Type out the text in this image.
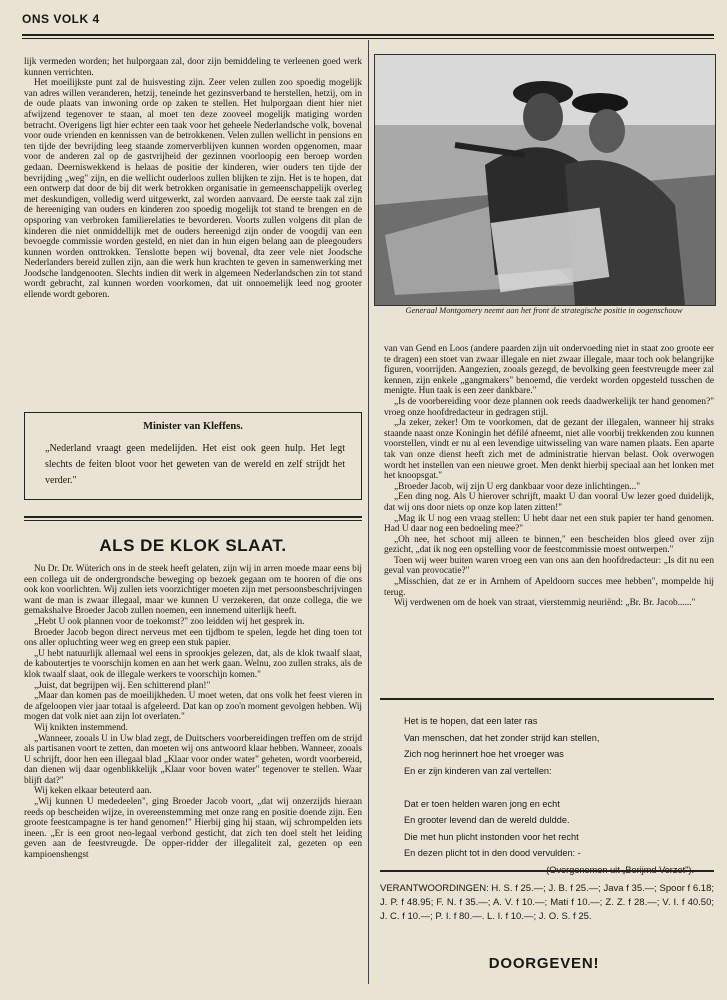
ONS VOLK 4

lijk vermeden worden; het hulporgaan zal, door zijn bemiddeling te verleenen goed werk kunnen verrichten.

Het moeilijkste punt zal de huisvesting zijn. Zeer velen zullen zoo spoedig mogelijk van adres willen veranderen, hetzij, teneinde het gezinsverband te herstellen, hetzij, om in de oude plaats van inwoning orde op zaken te stellen. Het hulporgaan dient hier niet afwijzend tegenover te staan, al moet ten deze zooveel mogelijk matiging worden betracht. Overigens ligt hier echter een taak voor het geheele Nederlandsche volk, bovenal voor oude vrienden en kennissen van de betrokkenen. Velen zullen wellicht in pensions en ten tijde der bevrijding leeg staande zomerverblijven kunnen worden opgenomen, maar voor de anderen zal op de gastvrijheid der gezinnen voorloopig een beroep worden gedaan. Deerniswekkend is helaas de positie der kinderen, wier ouders ten tijde der bevrijding „weg" zijn, en die wellicht ouderloos zullen blijken te zijn. Het is te hopen, dat een ontwerp dat door de bij dit werk betrokken organisatie in gemeenschappelijk overleg met deskundigen, volledig werd uitgewerkt, zal worden aanvaard. De eerste taak zal zijn de hereeniging van ouders en kinderen zoo spoedig mogelijk tot stand te brengen en de opsporing van verbroken familierelaties te bevorderen. Voorts zullen volgens dit plan de kinderen die niet onmiddellijk met de ouders hereenigd zijn onder de voogdij van een bevoegde commissie worden gesteld, en niet dan in hun eigen belang aan de pleegouders kunnen worden onttrokken. Tenslotte bepen wij bovenal, dta zeer vele niet Joodsche Nederlanders bereid zullen zijn, aan die werk hun krachten te geven in samenwerking met Joodsche landgenooten. Slechts indien dit werk in algemeen Nederlandschen zin tot stand wordt gebracht, zal kunnen worden voorkomen, dat uit onnoemelijk leed nog grooter ellende wordt geboren.

Generaal Montgomery neemt aan het front de strategische positie in oogenschouw
Minister van Kleffens.
„Nederland vraagt geen medelijden. Het eist ook geen hulp. Het legt slechts de feiten bloot voor het geweten van de wereld en zelf strijdt het verder."
ALS DE KLOK SLAAT.

Nu Dr. Dr. Wüterich ons in de steek heeft gelaten, zijn wij in arren moede maar eens bij een collega uit de ondergrondsche beweging op bezoek gegaan om te hooren of die ons ook kon voorlichten. Wij zullen iets voorzichtiger moeten zijn met persoonsbeschrijvingen want de man is zwaar illegaal, maar we kunnen U verzekeren, dat onze collega, die we gemakshalve Broeder Jacob zullen noemen, een innemend uiterlijk heeft.

„Hebt U ook plannen voor de toekomst?" zoo leidden wij het gesprek in.

Broeder Jacob begon direct nerveus met een tijdbom te spelen, legde het ding toen tot ons aller opluchting weer weg en greep een stuk papier.

„U hebt natuurlijk allemaal wel eens in sprookjes gelezen, dat, als de klok twaalf slaat, de kaboutertjes te voorschijn komen en aan het werk gaan. Welnu, zoo zullen straks, als de klok twaalf slaat, ook de illegale werkers te voorschijn komen."

„Juist, dat begrijpen wij. Een schitterend plan!"

„Maar dan komen pas de moeilijkheden. U moet weten, dat ons volk het feest vieren in de afgeloopen vier jaar totaal is afgeleerd. Dat kan op zoo'n moment gevolgen hebben. Wij mogen dat volk niet aan zijn lot overlaten."

Wij knikten instemmend.

„Wanneer, zooals U in Uw blad zegt, de Duitschers voorbereidingen treffen om de strijd als partisanen voort te zetten, dan moeten wij ons antwoord klaar hebben. Wanneer, zooals U schrijft, door hen een illegaal blad „Klaar voor onder water" geheten, wordt voorbereid, dan dienen wij daar ogenblikkelijk „Klaar voor boven water" tegenover te stellen. Waar blijft dat?"

Wij keken elkaar beteuterd aan.

„Wij kunnen U mededeelen", ging Broeder Jacob voort, „dat wij onzerzijds hieraan reeds op bescheiden wijze, in overeenstemming met onze rang en positie doende zijn. Een groote feestcampagne is ter hand genomen!" Hierbij ging hij staan, wij schrompelden iets ineen. „Er is een groot neo-legaal verbond gesticht, dat zich ten doel stelt het leiding geven aan de feestvreugde. De opper-ridder der illegaliteit zal, gezeten op een kampioenshengst

van van Gend en Loos (andere paarden zijn uit ondervoeding niet in staat zoo groote eer te dragen) een stoet van zwaar illegale en niet zwaar illegale, maar toch ook belangrijke figuren, voorrijden. Aangezien, zooals gezegd, de bevolking geen feestvreugde meer zal kennen, zijn enkele „gangmakers" benoemd, die verdekt worden opgesteld tusschen de menigte. Hun taak is een zeer dankbare."

„Is de voorbereiding voor deze plannen ook reeds daadwerkelijk ter hand genomen?" vroeg onze hoofdredacteur in gedragen stijl.

„Ja zeker, zeker! Om te voorkomen, dat de gezant der illegalen, wanneer hij straks staande naast onze Koningin het défilé afneemt, niet alle voorbij trekkenden zou kunnen voorstellen, vindt er nu al een levendige uitwisseling van ware namen plaats. Een aparte tak van onze dienst heeft zich met de administratie hiervan belast. Ook overwogen wordt het instellen van een nieuwe groet. Men denkt hierbij speciaal aan het lonken met het knoopsgat."

„Broeder Jacob, wij zijn U erg dankbaar voor deze inlichtingen..."

„Een ding nog. Als U hierover schrijft, maakt U dan vooral Uw lezer goed duidelijk, dat wij ons door niets op onze kop laten zitten!"

„Mag ik U nog een vraag stellen: U hebt daar net een stuk papier ter hand genomen. Had U daar nog een bedoeling mee?"

„Oh nee, het schoot mij alleen te binnen," een bescheiden blos gleed over zijn gezicht, „dat ik nog een opstelling voor de feestcommissie moest ontwerpen."

Toen wij weer buiten waren vroeg een van ons aan den hoofdredacteur: „Is dit nu een geval van provocatie?"

„Misschien, dat ze er in Arnhem of Apeldoorn succes mee hebben", mompelde hij terug.

Wij verdwenen om de hoek van straat, vierstemmig neuriënd: „Br. Br. Jacob......"

Het is te hopen, dat een later ras
Van menschen, dat het zonder strijd kan stellen,
Zich nog herinnert hoe het vroeger was
En er zijn kinderen van zal vertellen:

Dat er toen helden waren jong en echt
En grooter levend dan de wereld duldde.
Die met hun plicht instonden voor het recht
En dezen plicht tot in den dood vervulden: -
(Overgenomen uit „Berijmd Verzet").
VERANTWOORDINGEN: H. S. f 25.—; J. B. f 25.—; Java f 35.—; Spoor f 6.18; J. P. f 48.95; F. N. f 35.—; A. V. f 10.—; Mati f 10.—; Z. Z. f 28.—; V. I. f 40.50; J. C. f 10.—; P. I. f 80.—. L. I. f 10.—; J. O. S. f 25.
DOORGEVEN!
